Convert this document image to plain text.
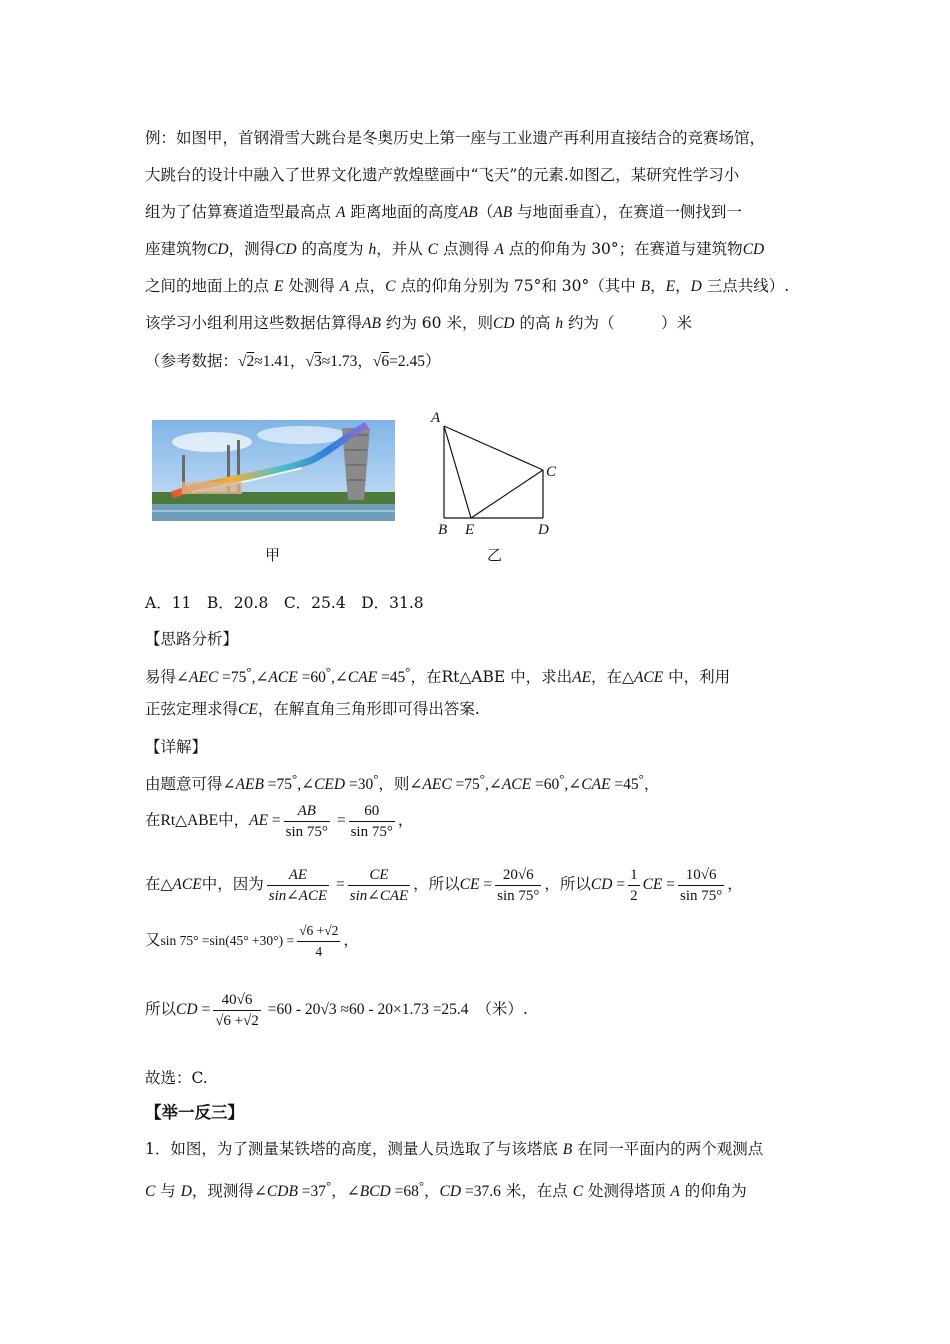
例：如图甲，首钢滑雪大跳台是冬奥历史上第一座与工业遗产再利用直接结合的竞赛场馆，
大跳台的设计中融入了世界文化遗产敦煌壁画中“飞天”的元素.如图乙，某研究性学习小
组为了估算赛道造型最高点 A 距离地面的高度AB（AB 与地面垂直），在赛道一侧找到一
座建筑物CD，测得CD 的高度为 h，并从 C 点测得 A 点的仰角为 30°；在赛道与建筑物CD
之间的地面上的点 E 处测得 A 点，C 点的仰角分别为 75°和 30°（其中 B，E，D 三点共线）.
该学习小组利用这些数据估算得AB 约为 60 米，则CD 的高 h 约为（　　　）米
（参考数据：√2≈1.41，√3≈1.73，√6=2.45）
A．11　B．20.8　C．25.4　D．31.8
【思路分析】
易得∠AEC =75°,∠ACE =60°,∠CAE =45°，在Rt△ABE 中，求出AE，在△ACE 中，利用
正弦定理求得CE，在解直角三角形即可得出答案.
【详解】
由题意可得∠AEB =75°,∠CED =30°，则∠AEC =75°,∠ACE =60°,∠CAE =45°，
在Rt△ABE中，AE = $\frac{AB}{\sin 75^\circ} = \frac{60}{\sin 75^\circ}$ ，
在△ACE中，因为 $\frac{AE}{\text{sin∠ACE}} = \frac{CE}{\text{sin∠CAE}}$ ，所以CE = $\frac{20√6}{\sin 75^\circ}$ ，所以CD = $\frac{1}{2}$ CE = $\frac{10√6}{\sin 75^\circ}$ ，
又$\sin 75^\circ =\sin(45^\circ +30^\circ) = \frac{√6 +√2}{4}$ ，
所以CD = $\frac{40√6}{√6 +√2} =60 - 20√3 \approx 60 - 20\times 1.73 =25.4$　 （米）.
故选：C.
【举一反三】
1．如图，为了测量某铁塔的高度，测量人员选取了与该塔底 B 在同一平面内的两个观测点
C 与 D，现测得∠CDB =37°，∠BCD =68°，CD =37.6 米，在点 C 处测得塔顶 A 的仰角为
A
C
B E	D
甲	乙
